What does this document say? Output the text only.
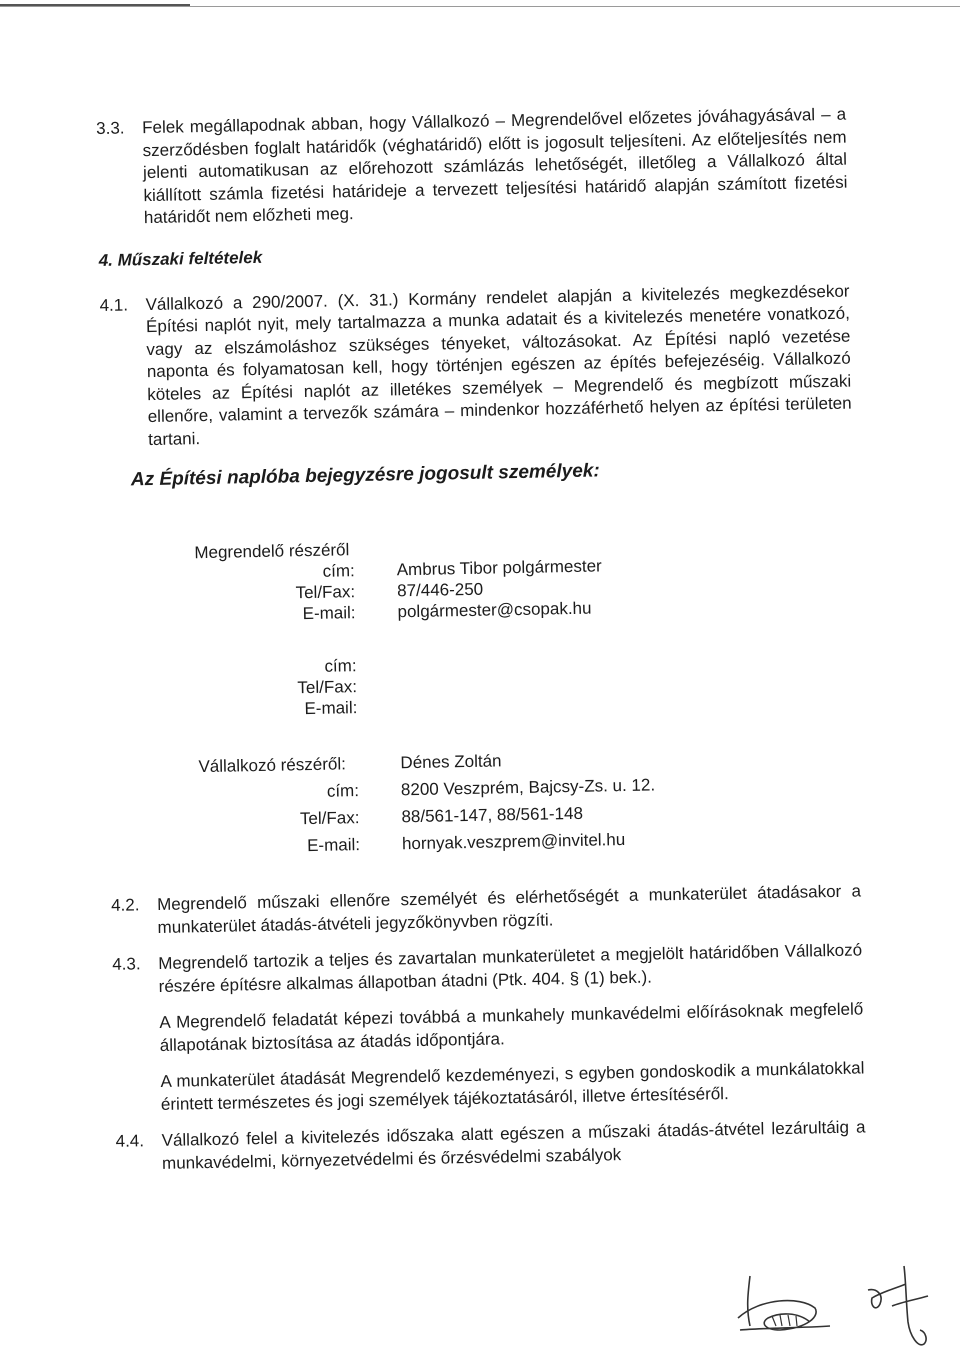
3.3.	Felek megállapodnak abban, hogy Vállalkozó – Megrendelővel előzetes jóváhagyásával – a szerződésben foglalt határidők (véghatáridő) előtt is jogosult teljesíteni. Az előteljesítés nem jelenti automatikusan az előrehozott számlázás lehetőségét, illetőleg a Vállalkozó által kiállított számla fizetési határideje a tervezett teljesítési határidő alapján számított fizetési határidőt nem előzheti meg.
4. Műszaki feltételek
4.1.	Vállalkozó a 290/2007. (X. 31.) Kormány rendelet alapján a kivitelezés megkezdésekor Építési naplót nyit, mely tartalmazza a munka adatait és a kivitelezés menetére vonatkozó, vagy az elszámoláshoz szükséges tényeket, változásokat. Az Építési napló vezetése naponta és folyamatosan kell, hogy történjen egészen az építés befejezéséig. Vállalkozó köteles az Építési naplót az illetékes személyek – Megrendelő és megbízott műszaki ellenőre, valamint a tervezők számára – mindenkor hozzáférhető helyen az építési területen tartani.
Az Építési naplóba bejegyzésre jogosult személyek:
Megrendelő részéről
cím:	Ambrus Tibor polgármester
Tel/Fax:	87/446-250
E-mail:	polgármester@csopak.hu
cím:
Tel/Fax:
E-mail:
Vállalkozó részéről:	Dénes Zoltán
cím:	8200 Veszprém, Bajcsy-Zs. u. 12.
Tel/Fax:	88/561-147, 88/561-148
E-mail:	hornyak.veszprem@invitel.hu
4.2.	Megrendelő műszaki ellenőre személyét és elérhetőségét a munkaterület átadásakor a munkaterület átadás-átvételi jegyzőkönyvben rögzíti.
4.3.	Megrendelő tartozik a teljes és zavartalan munkaterületet a megjelölt határidőben Vállalkozó részére építésre alkalmas állapotban átadni (Ptk. 404. § (1) bek.).

A Megrendelő feladatát képezi továbbá a munkahely munkavédelmi előírásoknak megfelelő állapotának biztosítása az átadás időpontjára.

A munkaterület átadását Megrendelő kezdeményezi, s egyben gondoskodik a munkálatokkal érintett természetes és jogi személyek tájékoztatásáról, illetve értesítéséről.

4.4.	Vállalkozó felel a kivitelezés időszaka alatt egészen a műszaki átadás-átvétel lezárultáig a munkavédelmi, környezetvédelmi és őrzésvédelmi szabályok
